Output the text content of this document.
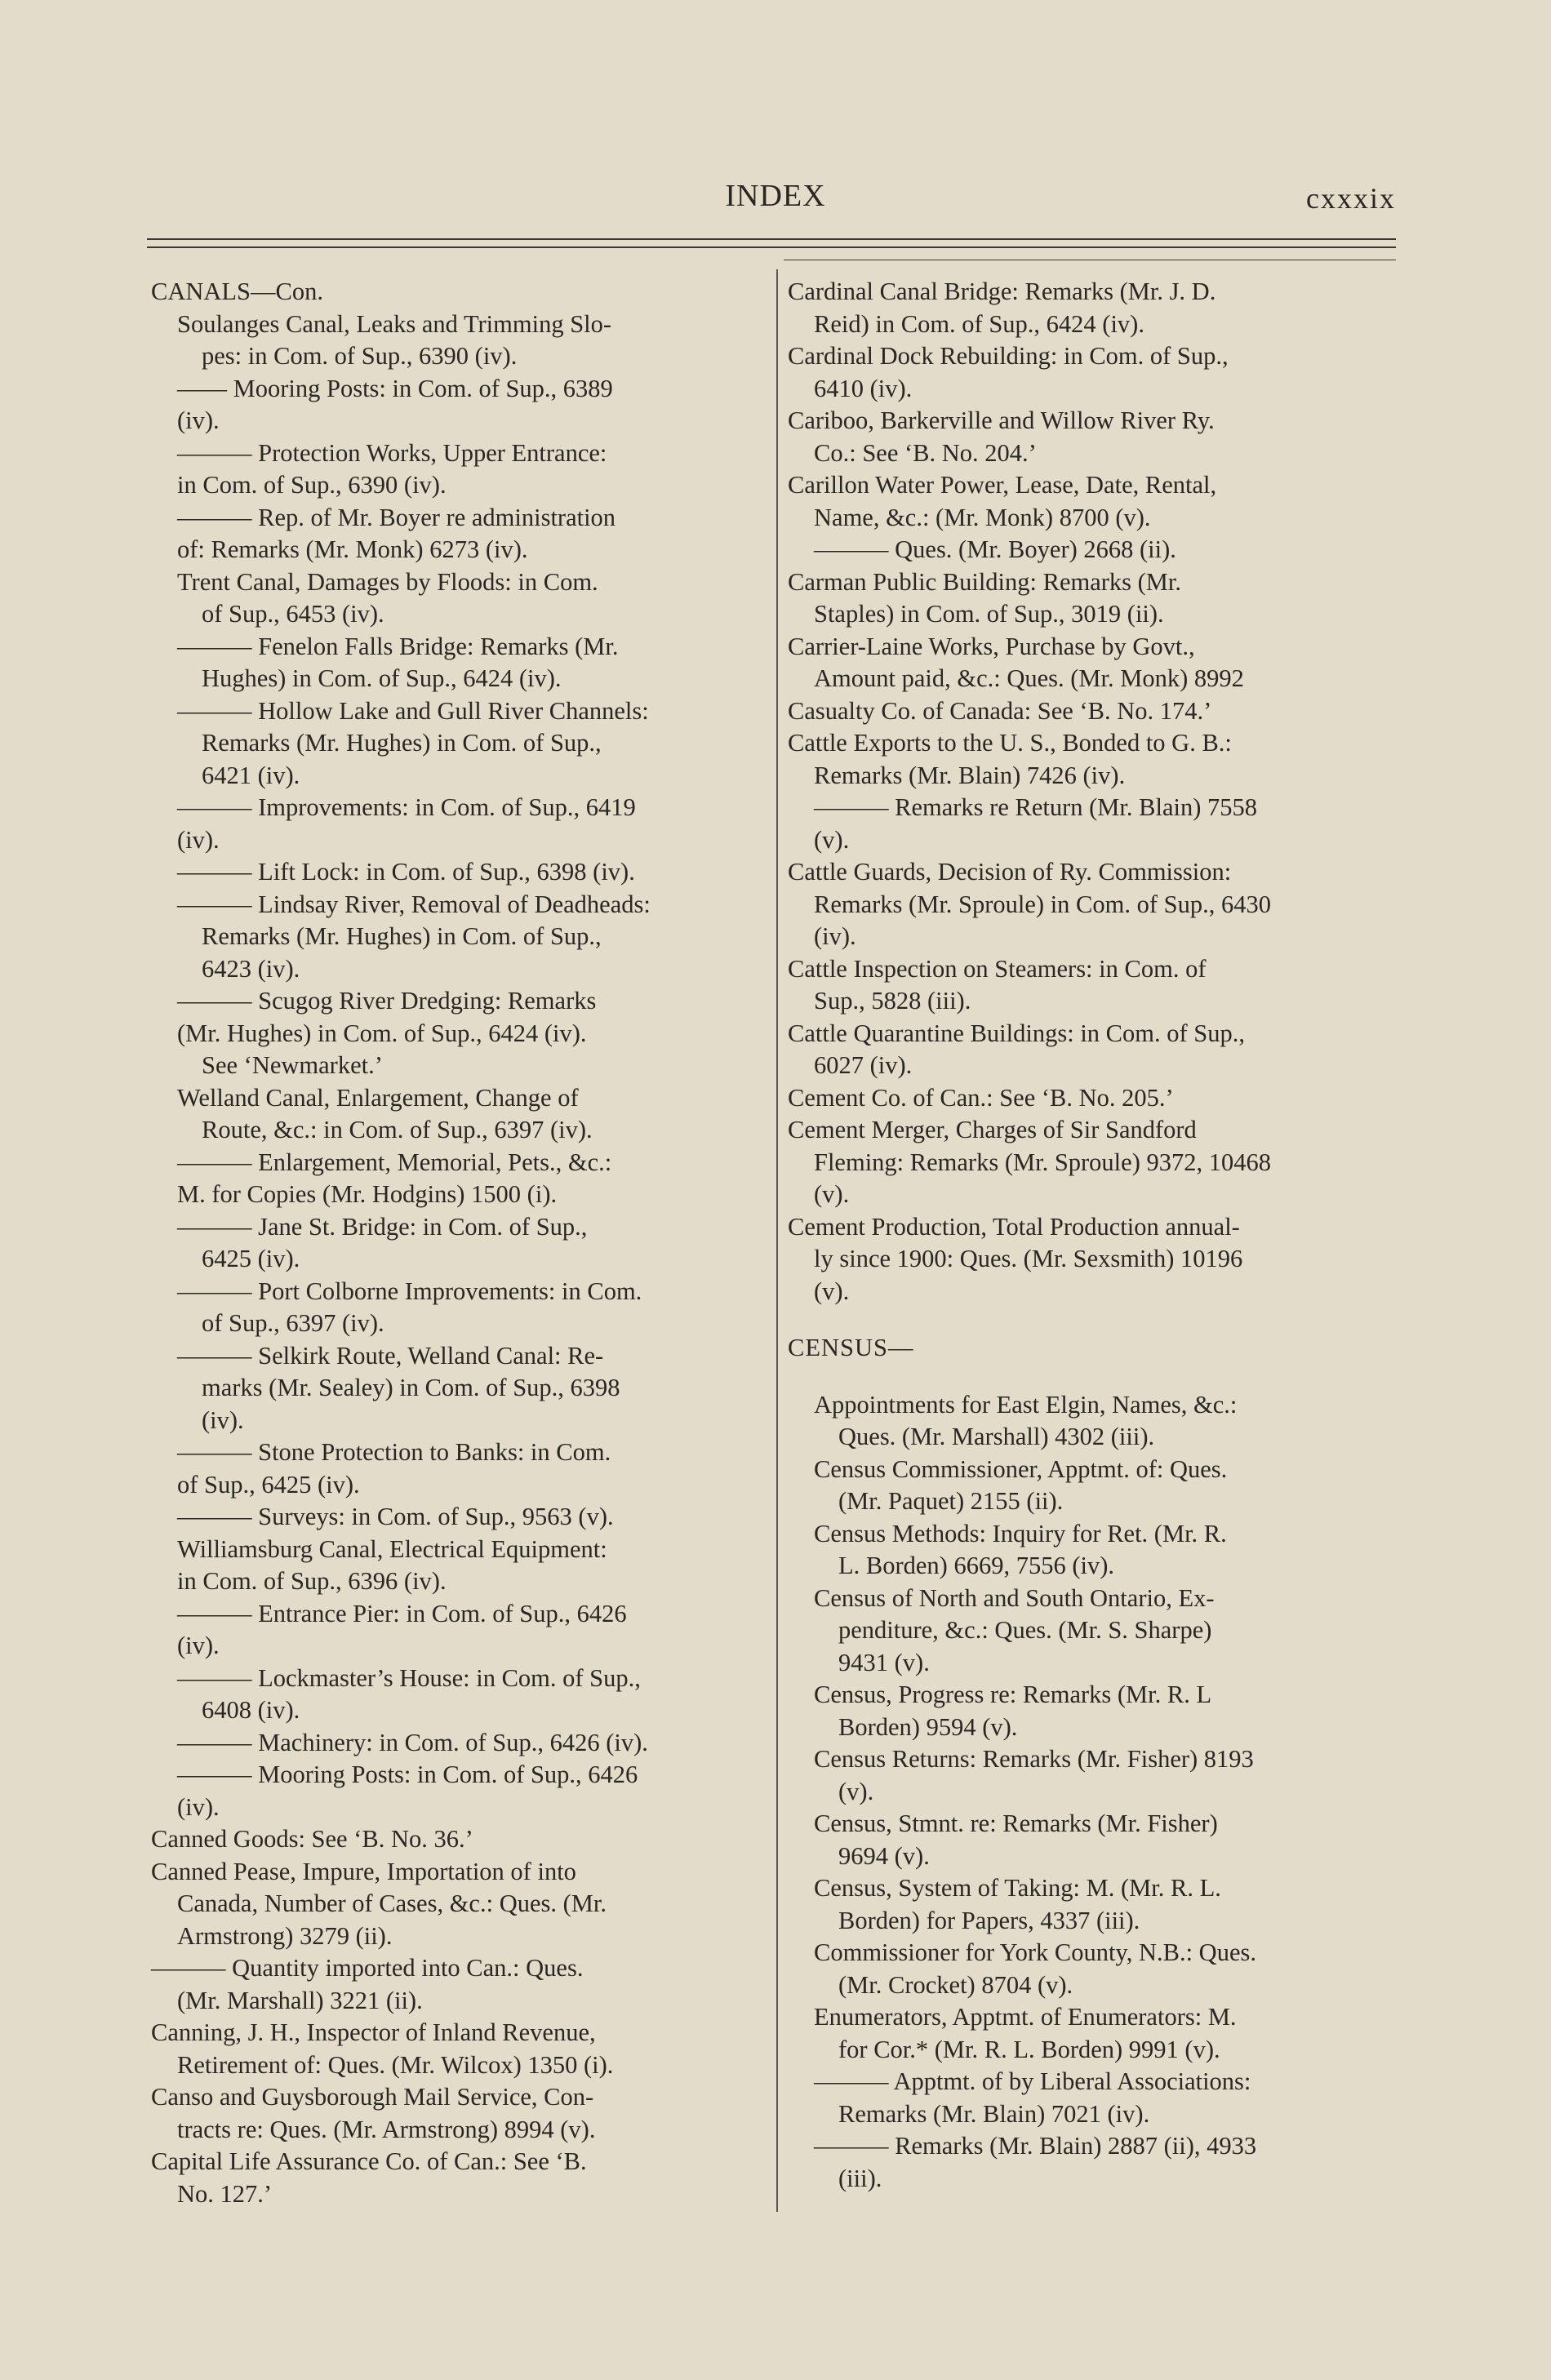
INDEX	cxxxix
CANALS—Con.
Soulanges Canal, Leaks and Trimming Slo-
pes: in Com. of Sup., 6390 (iv).
—— Mooring Posts: in Com. of Sup., 6389
(iv).
——— Protection Works, Upper Entrance:
in Com. of Sup., 6390 (iv).
——— Rep. of Mr. Boyer re administration
of: Remarks (Mr. Monk) 6273 (iv).
Trent Canal, Damages by Floods: in Com.
of Sup., 6453 (iv).
——— Fenelon Falls Bridge: Remarks (Mr.
Hughes) in Com. of Sup., 6424 (iv).
——— Hollow Lake and Gull River Channels:
Remarks (Mr. Hughes) in Com. of Sup.,
6421 (iv).
——— Improvements: in Com. of Sup., 6419
(iv).
——— Lift Lock: in Com. of Sup., 6398 (iv).
——— Lindsay River, Removal of Deadheads:
Remarks (Mr. Hughes) in Com. of Sup.,
6423 (iv).
——— Scugog River Dredging: Remarks
(Mr. Hughes) in Com. of Sup., 6424 (iv).
See ‘Newmarket.’
Welland Canal, Enlargement, Change of
Route, &c.: in Com. of Sup., 6397 (iv).
——— Enlargement, Memorial, Pets., &c.:
M. for Copies (Mr. Hodgins) 1500 (i).
——— Jane St. Bridge: in Com. of Sup.,
6425 (iv).
——— Port Colborne Improvements: in Com.
of Sup., 6397 (iv).
——— Selkirk Route, Welland Canal: Re-
marks (Mr. Sealey) in Com. of Sup., 6398
(iv).
——— Stone Protection to Banks: in Com.
of Sup., 6425 (iv).
——— Surveys: in Com. of Sup., 9563 (v).
Williamsburg Canal, Electrical Equipment:
in Com. of Sup., 6396 (iv).
——— Entrance Pier: in Com. of Sup., 6426
(iv).
——— Lockmaster’s House: in Com. of Sup.,
6408 (iv).
——— Machinery: in Com. of Sup., 6426 (iv).
——— Mooring Posts: in Com. of Sup., 6426
(iv).
Canned Goods: See ‘B. No. 36.’
Canned Pease, Impure, Importation of into
Canada, Number of Cases, &c.: Ques. (Mr.
Armstrong) 3279 (ii).
——— Quantity imported into Can.: Ques.
(Mr. Marshall) 3221 (ii).
Canning, J. H., Inspector of Inland Revenue,
Retirement of: Ques. (Mr. Wilcox) 1350 (i).
Canso and Guysborough Mail Service, Con-
tracts re: Ques. (Mr. Armstrong) 8994 (v).
Capital Life Assurance Co. of Can.: See ‘B.
No. 127.’
Cardinal Canal Bridge: Remarks (Mr. J. D.
Reid) in Com. of Sup., 6424 (iv).
Cardinal Dock Rebuilding: in Com. of Sup.,
6410 (iv).
Cariboo, Barkerville and Willow River Ry.
Co.: See ‘B. No. 204.’
Carillon Water Power, Lease, Date, Rental,
Name, &c.: (Mr. Monk) 8700 (v).
——— Ques. (Mr. Boyer) 2668 (ii).
Carman Public Building: Remarks (Mr.
Staples) in Com. of Sup., 3019 (ii).
Carrier-Laine Works, Purchase by Govt.,
Amount paid, &c.: Ques. (Mr. Monk) 8992
Casualty Co. of Canada: See ‘B. No. 174.’
Cattle Exports to the U. S., Bonded to G. B.:
Remarks (Mr. Blain) 7426 (iv).
——— Remarks re Return (Mr. Blain) 7558
(v).
Cattle Guards, Decision of Ry. Commission:
Remarks (Mr. Sproule) in Com. of Sup., 6430
(iv).
Cattle Inspection on Steamers: in Com. of
Sup., 5828 (iii).
Cattle Quarantine Buildings: in Com. of Sup.,
6027 (iv).
Cement Co. of Can.: See ‘B. No. 205.’
Cement Merger, Charges of Sir Sandford
Fleming: Remarks (Mr. Sproule) 9372, 10468
(v).
Cement Production, Total Production annual-
ly since 1900: Ques. (Mr. Sexsmith) 10196
(v).
CENSUS—
Appointments for East Elgin, Names, &c.:
Ques. (Mr. Marshall) 4302 (iii).
Census Commissioner, Apptmt. of: Ques.
(Mr. Paquet) 2155 (ii).
Census Methods: Inquiry for Ret. (Mr. R.
L. Borden) 6669, 7556 (iv).
Census of North and South Ontario, Ex-
penditure, &c.: Ques. (Mr. S. Sharpe)
9431 (v).
Census, Progress re: Remarks (Mr. R. L
Borden) 9594 (v).
Census Returns: Remarks (Mr. Fisher) 8193
(v).
Census, Stmnt. re: Remarks (Mr. Fisher)
9694 (v).
Census, System of Taking: M. (Mr. R. L.
Borden) for Papers, 4337 (iii).
Commissioner for York County, N.B.: Ques.
(Mr. Crocket) 8704 (v).
Enumerators, Apptmt. of Enumerators: M.
for Cor.* (Mr. R. L. Borden) 9991 (v).
——— Apptmt. of by Liberal Associations:
Remarks (Mr. Blain) 7021 (iv).
——— Remarks (Mr. Blain) 2887 (ii), 4933
(iii).
